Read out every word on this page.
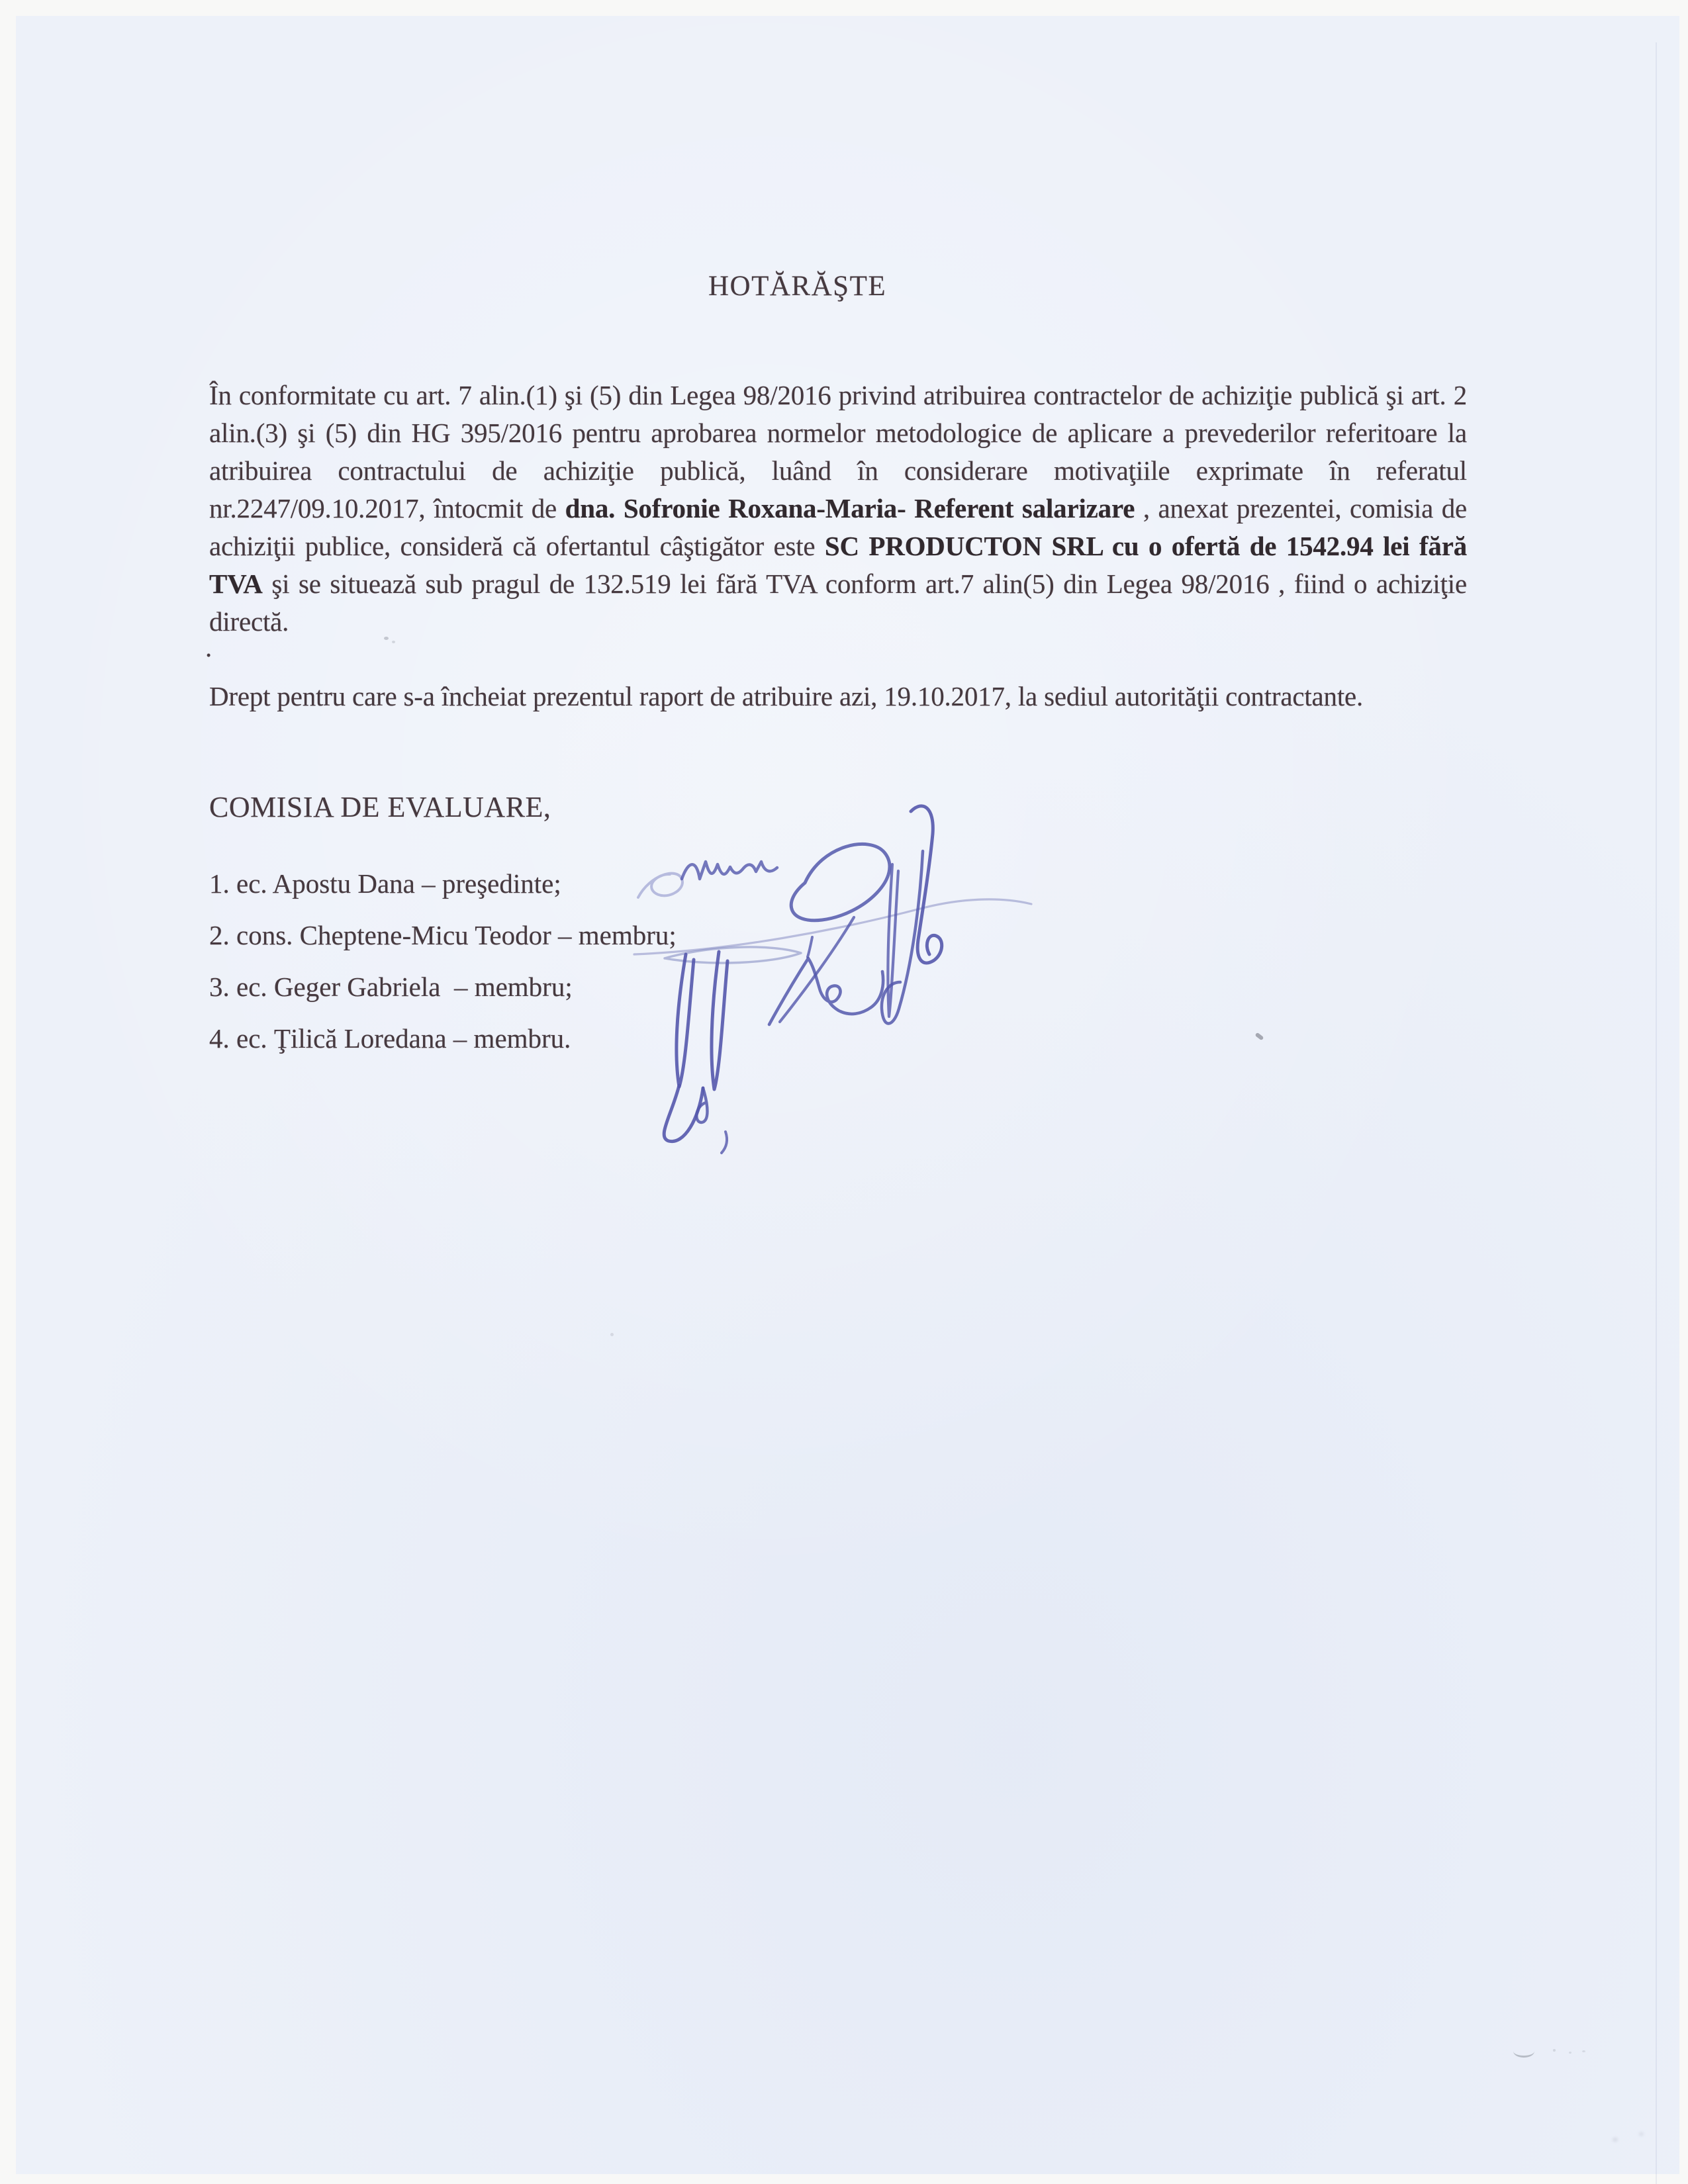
HOTĂRĂŞTE
În conformitate cu art. 7 alin.(1) şi (5) din Legea 98/2016 privind atribuirea contractelor de achiziţie publică şi art. 2 alin.(3) şi (5) din HG 395/2016 pentru aprobarea normelor metodologice de aplicare a prevederilor referitoare la atribuirea contractului de achiziţie publică, luând în considerare motivaţiile exprimate în referatul nr.2247/09.10.2017, întocmit de dna. Sofronie Roxana-Maria- Referent salarizare , anexat prezentei, comisia de achiziţii publice, consideră că ofertantul câştigător este SC PRODUCTON SRL cu o ofertă de 1542.94 lei fără TVA şi se situează sub pragul de 132.519 lei fără TVA conform art.7 alin(5) din Legea 98/2016 , fiind o achiziţie directă.
.
Drept pentru care s-a încheiat prezentul raport de atribuire azi, 19.10.2017, la sediul autorităţii contractante.
COMISIA DE EVALUARE,
1. ec. Apostu Dana – preşedinte;
2. cons. Cheptene-Micu Teodor – membru;
3. ec. Geger Gabriela  – membru;
4. ec. Ţilică Loredana – membru.
